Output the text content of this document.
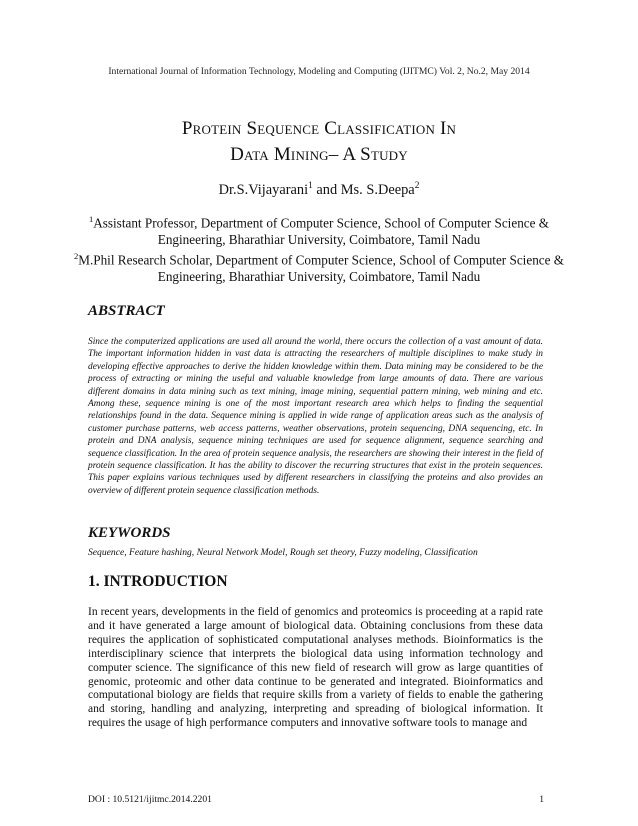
International Journal of Information Technology, Modeling and Computing (IJITMC) Vol. 2, No.2, May 2014
Protein Sequence Classification In
Data Mining– A Study
Dr.S.Vijayarani$^1$ and Ms. S.Deepa$^2$
$^1$Assistant Professor, Department of Computer Science, School of Computer Science & Engineering, Bharathiar University, Coimbatore, Tamil Nadu
$^2$M.Phil Research Scholar, Department of Computer Science, School of Computer Science & Engineering, Bharathiar University, Coimbatore, Tamil Nadu
ABSTRACT
Since the computerized applications are used all around the world, there occurs the collection of a vast amount of data. The important information hidden in vast data is attracting the researchers of multiple disciplines to make study in developing effective approaches to derive the hidden knowledge within them. Data mining may be considered to be the process of extracting or mining the useful and valuable knowledge from large amounts of data. There are various different domains in data mining such as text mining, image mining, sequential pattern mining, web mining and etc. Among these, sequence mining is one of the most important research area which helps to finding the sequential relationships found in the data. Sequence mining is applied in wide range of application areas such as the analysis of customer purchase patterns, web access patterns, weather observations, protein sequencing, DNA sequencing, etc. In protein and DNA analysis, sequence mining techniques are used for sequence alignment, sequence searching and sequence classification. In the area of protein sequence analysis, the researchers are showing their interest in the field of protein sequence classification. It has the ability to discover the recurring structures that exist in the protein sequences. This paper explains various techniques used by different researchers in classifying the proteins and also provides an overview of different protein sequence classification methods.
KEYWORDS
Sequence, Feature hashing, Neural Network Model, Rough set theory, Fuzzy modeling, Classification
1. INTRODUCTION
In recent years, developments in the field of genomics and proteomics is proceeding at a rapid rate and it have generated a large amount of biological data. Obtaining conclusions from these data requires the application of sophisticated computational analyses methods. Bioinformatics is the interdisciplinary science that interprets the biological data using information technology and computer science. The significance of this new field of research will grow as large quantities of genomic, proteomic and other data continue to be generated and integrated. Bioinformatics and computational biology are fields that require skills from a variety of fields to enable the gathering and storing, handling and analyzing, interpreting and spreading of biological information. It requires the usage of high performance computers and innovative software tools to manage and
DOI : 10.5121/ijitmc.2014.2201	1
